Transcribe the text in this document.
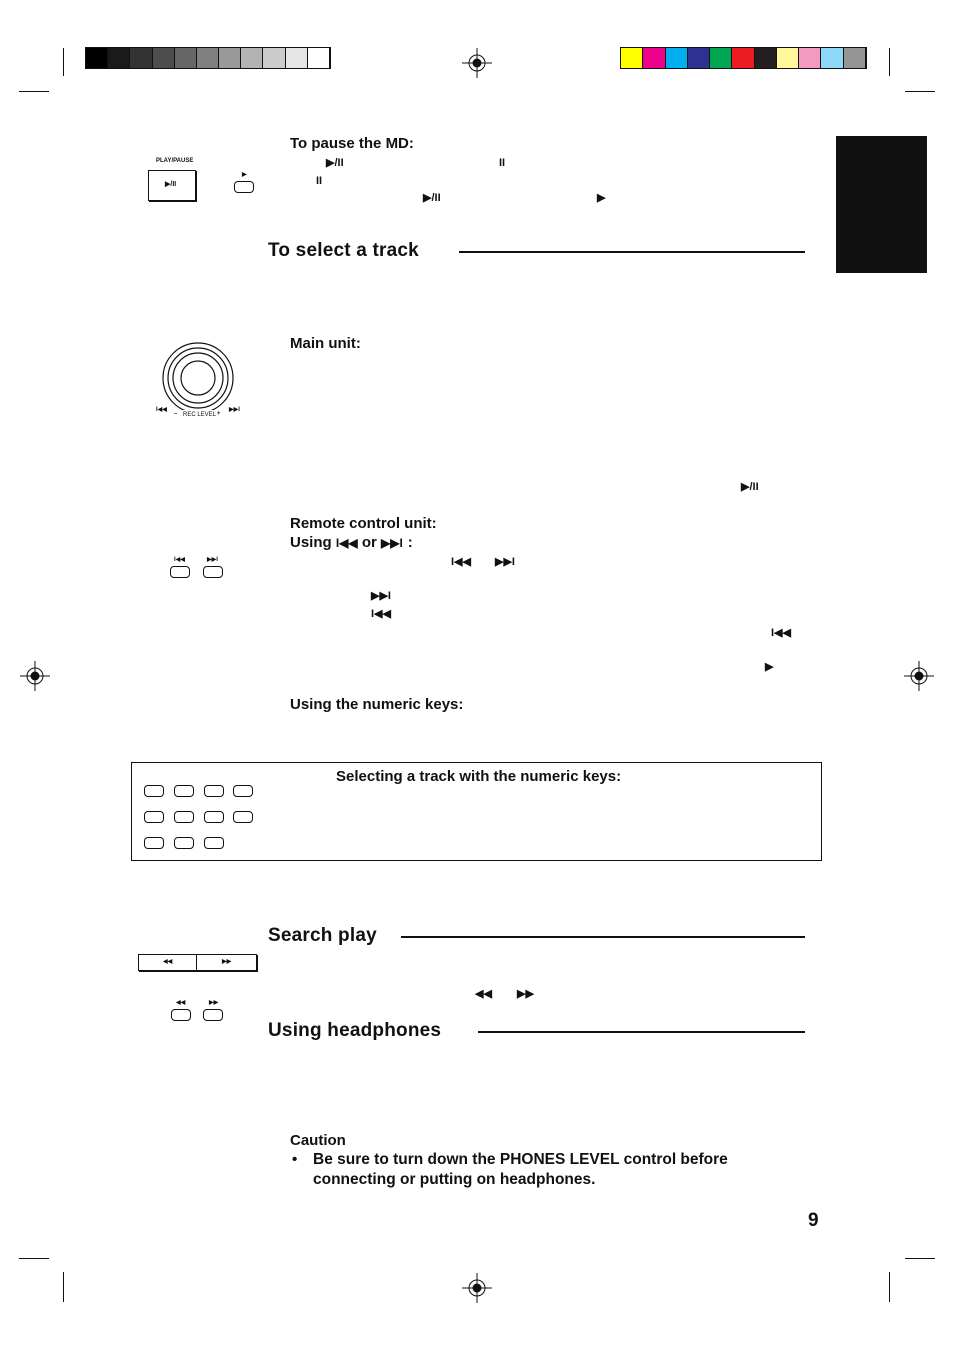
To pause the MD:
PLAY/PAUSE
▶/II
▶
▶/II	II
II
▶/II	▶
To select a track
Main unit:
I◀◀
– REC LEVEL +
▶▶I
▶/II
Remote control unit:
Using I◀◀ or ▶▶I :
I◀◀	▶▶I	I◀◀ ▶▶I
▶▶I
I◀◀
I◀◀
▶
Using the numeric keys:
Selecting a track with the numeric keys:
Search play
◀◀	▶▶
◀◀	▶▶
◀◀ ▶▶
Using headphones
Caution
• Be sure to turn down the PHONES LEVEL control before
connecting or putting on headphones.
9
